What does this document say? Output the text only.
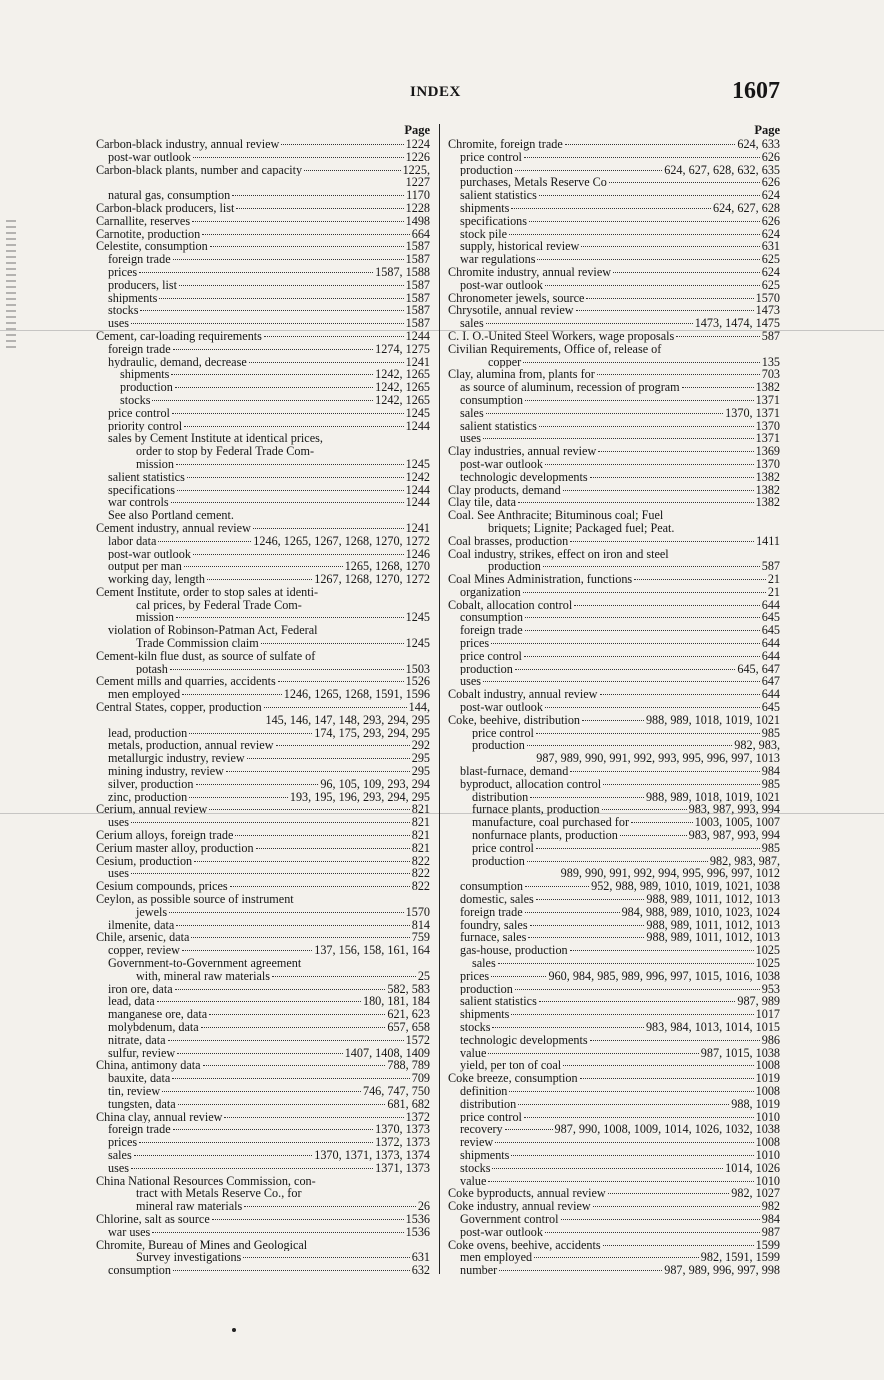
INDEX	1607
Page
Carbon-black industry, annual review	1224
post-war outlook	1226
Carbon-black plants, number and capacity	1225,
1227
natural gas, consumption	1170
Carbon-black producers, list	1228
Carnallite, reserves	1498
Carnotite, production	664
Celestite, consumption	1587
foreign trade	1587
prices	1587, 1588
producers, list	1587
shipments	1587
stocks	1587
uses	1587
Cement, car-loading requirements	1244
foreign trade	1274, 1275
hydraulic, demand, decrease	1241
shipments	1242, 1265
production	1242, 1265
stocks	1242, 1265
price control	1245
priority control	1244
sales by Cement Institute at identical prices,
order to stop by Federal Trade Com-
mission	1245
salient statistics	1242
specifications	1244
war controls	1244
See also Portland cement.
Cement industry, annual review	1241
labor data	1246, 1265, 1267, 1268, 1270, 1272
post-war outlook	1246
output per man	1265, 1268, 1270
working day, length	1267, 1268, 1270, 1272
Cement Institute, order to stop sales at identi-
cal prices, by Federal Trade Com-
mission	1245
violation of Robinson-Patman Act, Federal
Trade Commission claim	1245
Cement-kiln flue dust, as source of sulfate of
potash	1503
Cement mills and quarries, accidents	1526
men employed	1246, 1265, 1268, 1591, 1596
Central States, copper, production	144,
145, 146, 147, 148, 293, 294, 295
lead, production	174, 175, 293, 294, 295
metals, production, annual review	292
metallurgic industry, review	295
mining industry, review	295
silver, production	96, 105, 109, 293, 294
zinc, production	193, 195, 196, 293, 294, 295
Cerium, annual review	821
uses	821
Cerium alloys, foreign trade	821
Cerium master alloy, production	821
Cesium, production	822
uses	822
Cesium compounds, prices	822
Ceylon, as possible source of instrument
jewels	1570
ilmenite, data	814
Chile, arsenic, data	759
copper, review	137, 156, 158, 161, 164
Government-to-Government agreement
with, mineral raw materials	25
iron ore, data	582, 583
lead, data	180, 181, 184
manganese ore, data	621, 623
molybdenum, data	657, 658
nitrate, data	1572
sulfur, review	1407, 1408, 1409
China, antimony data	788, 789
bauxite, data	709
tin, review	746, 747, 750
tungsten, data	681, 682
China clay, annual review	1372
foreign trade	1370, 1373
prices	1372, 1373
sales	1370, 1371, 1373, 1374
uses	1371, 1373
China National Resources Commission, con-
tract with Metals Reserve Co., for
mineral raw materials	26
Chlorine, salt as source	1536
war uses	1536
Chromite, Bureau of Mines and Geological
Survey investigations	631
consumption	632
Page
Chromite, foreign trade	624, 633
price control	626
production	624, 627, 628, 632, 635
purchases, Metals Reserve Co	626
salient statistics	624
shipments	624, 627, 628
specifications	626
stock pile	624
supply, historical review	631
war regulations	625
Chromite industry, annual review	624
post-war outlook	625
Chronometer jewels, source	1570
Chrysotile, annual review	1473
sales	1473, 1474, 1475
C. I. O.-United Steel Workers, wage proposals	587
Civilian Requirements, Office of, release of
copper	135
Clay, alumina from, plants for	703
as source of aluminum, recession of program	1382
consumption	1371
sales	1370, 1371
salient statistics	1370
uses	1371
Clay industries, annual review	1369
post-war outlook	1370
technologic developments	1382
Clay products, demand	1382
Clay tile, data	1382
Coal. See Anthracite; Bituminous coal; Fuel
briquets; Lignite; Packaged fuel; Peat.
Coal brasses, production	1411
Coal industry, strikes, effect on iron and steel
production	587
Coal Mines Administration, functions	21
organization	21
Cobalt, allocation control	644
consumption	645
foreign trade	645
prices	644
price control	644
production	645, 647
uses	647
Cobalt industry, annual review	644
post-war outlook	645
Coke, beehive, distribution	988, 989, 1018, 1019, 1021
price control	985
production	982, 983,
987, 989, 990, 991, 992, 993, 995, 996, 997, 1013
blast-furnace, demand	984
byproduct, allocation control	985
distribution	988, 989, 1018, 1019, 1021
furnace plants, production	983, 987, 993, 994
manufacture, coal purchased for	1003, 1005, 1007
nonfurnace plants, production	983, 987, 993, 994
price control	985
production	982, 983, 987,
989, 990, 991, 992, 994, 995, 996, 997, 1012
consumption	952, 988, 989, 1010, 1019, 1021, 1038
domestic, sales	988, 989, 1011, 1012, 1013
foreign trade	984, 988, 989, 1010, 1023, 1024
foundry, sales	988, 989, 1011, 1012, 1013
furnace, sales	988, 989, 1011, 1012, 1013
gas-house, production	1025
sales	1025
prices	960, 984, 985, 989, 996, 997, 1015, 1016, 1038
production	953
salient statistics	987, 989
shipments	1017
stocks	983, 984, 1013, 1014, 1015
technologic developments	986
value	987, 1015, 1038
yield, per ton of coal	1008
Coke breeze, consumption	1019
definition	1008
distribution	988, 1019
price control	1010
recovery	987, 990, 1008, 1009, 1014, 1026, 1032, 1038
review	1008
shipments	1010
stocks	1014, 1026
value	1010
Coke byproducts, annual review	982, 1027
Coke industry, annual review	982
Government control	984
post-war outlook	987
Coke ovens, beehive, accidents	1599
men employed	982, 1591, 1599
number	987, 989, 996, 997, 998
